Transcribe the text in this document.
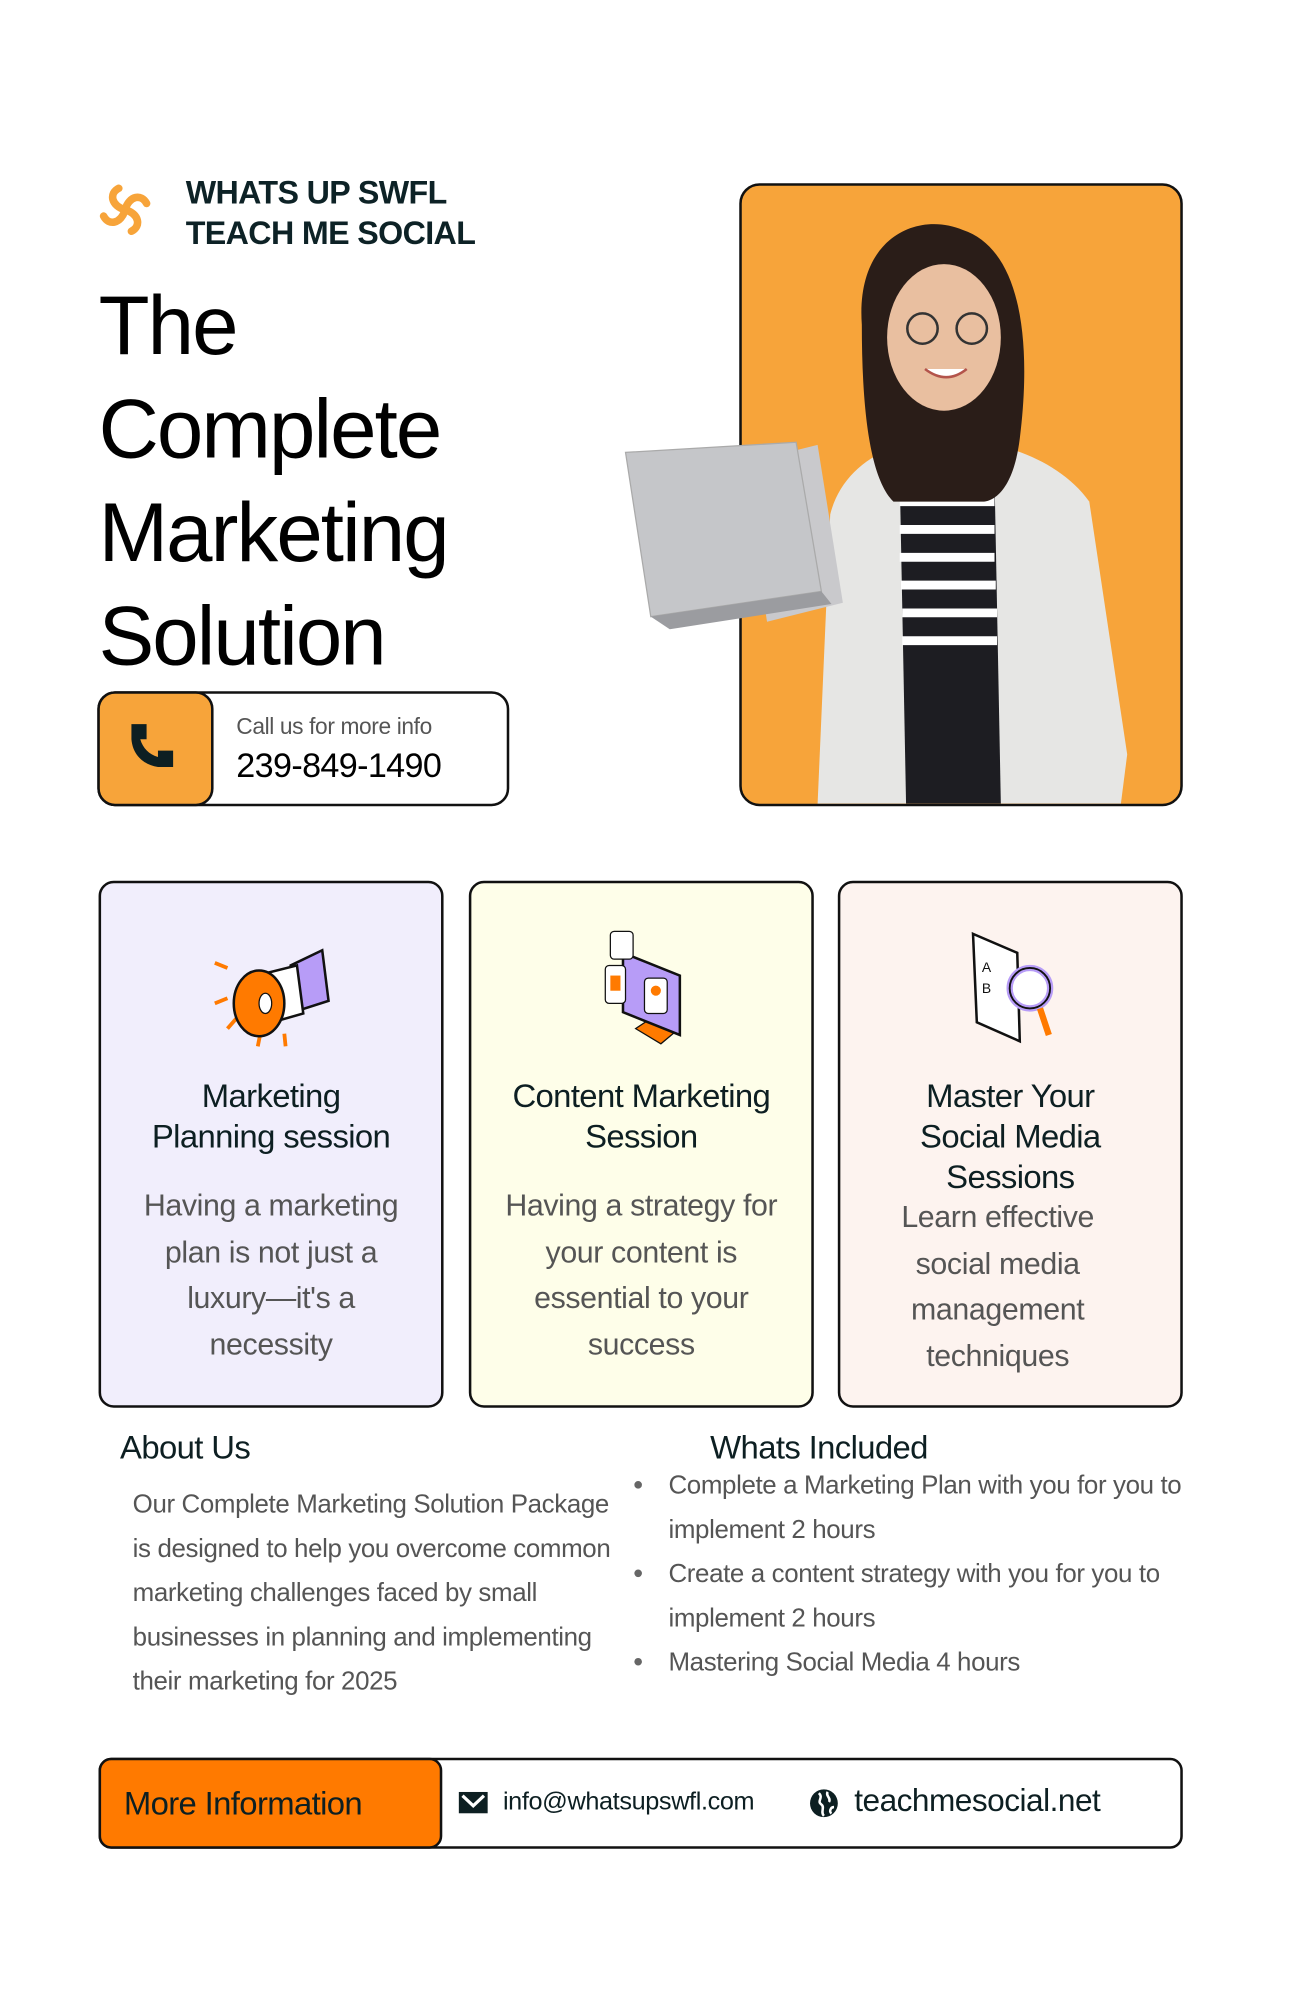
WHATS UP SWFL
TEACH ME SOCIAL
The
Complete
Marketing
Solution
Call us for more info
239-849-1490
Marketing
Planning session
Having a marketing plan is not just a luxury—it's a necessity
Content Marketing
Session
Having a strategy for your content is essential to your success
A
B
Master Your
Social Media
Sessions
Learn effective social media management techniques
About Us
Our Complete Marketing Solution Package is designed to help you overcome common marketing challenges faced by small businesses in planning and implementing their marketing for 2025
Whats Included
Complete a Marketing Plan with you for you to implement 2 hours
Create a content strategy with you for you to implement 2 hours
Mastering Social Media 4 hours
More Information	info@whatsupswfl.com	teachmesocial.net
